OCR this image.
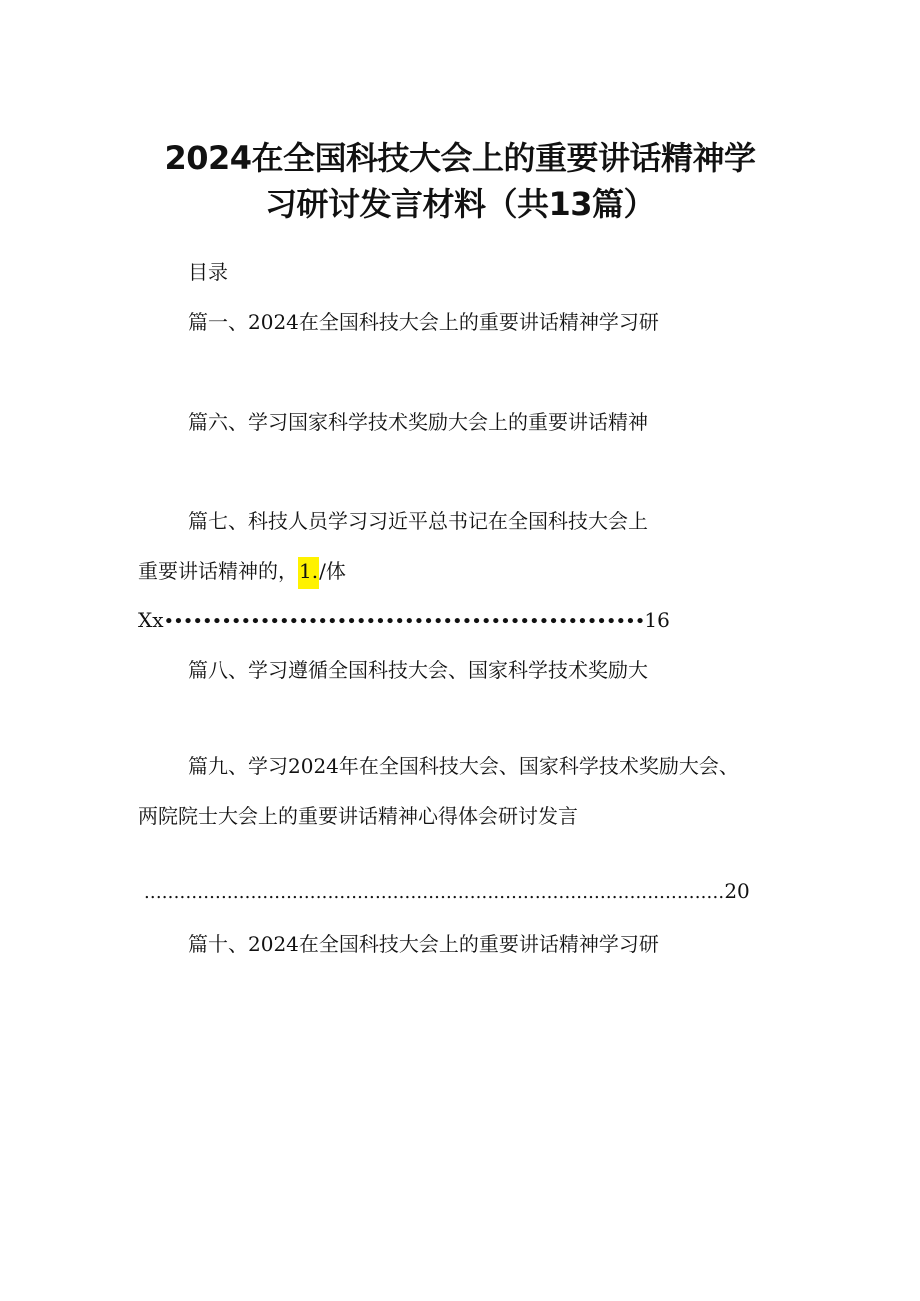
2024在全国科技大会上的重要讲话精神学
习研讨发言材料（共13篇）
目录
篇一、2024在全国科技大会上的重要讲话精神学习研
篇六、学习国家科学技术奖励大会上的重要讲话精神
篇七、科技人员学习习近平总书记在全国科技大会上
重要讲话精神的，1./体
Xx••••••••••••••••••••••••••••••••••••••••••••••••••16
篇八、学习遵循全国科技大会、国家科学技术奖励大
篇九、学习2024年在全国科技大会、国家科学技术奖励大会、
两院院士大会上的重要讲话精神心得体会研讨发言
..................................................................................................20
篇十、2024在全国科技大会上的重要讲话精神学习研
